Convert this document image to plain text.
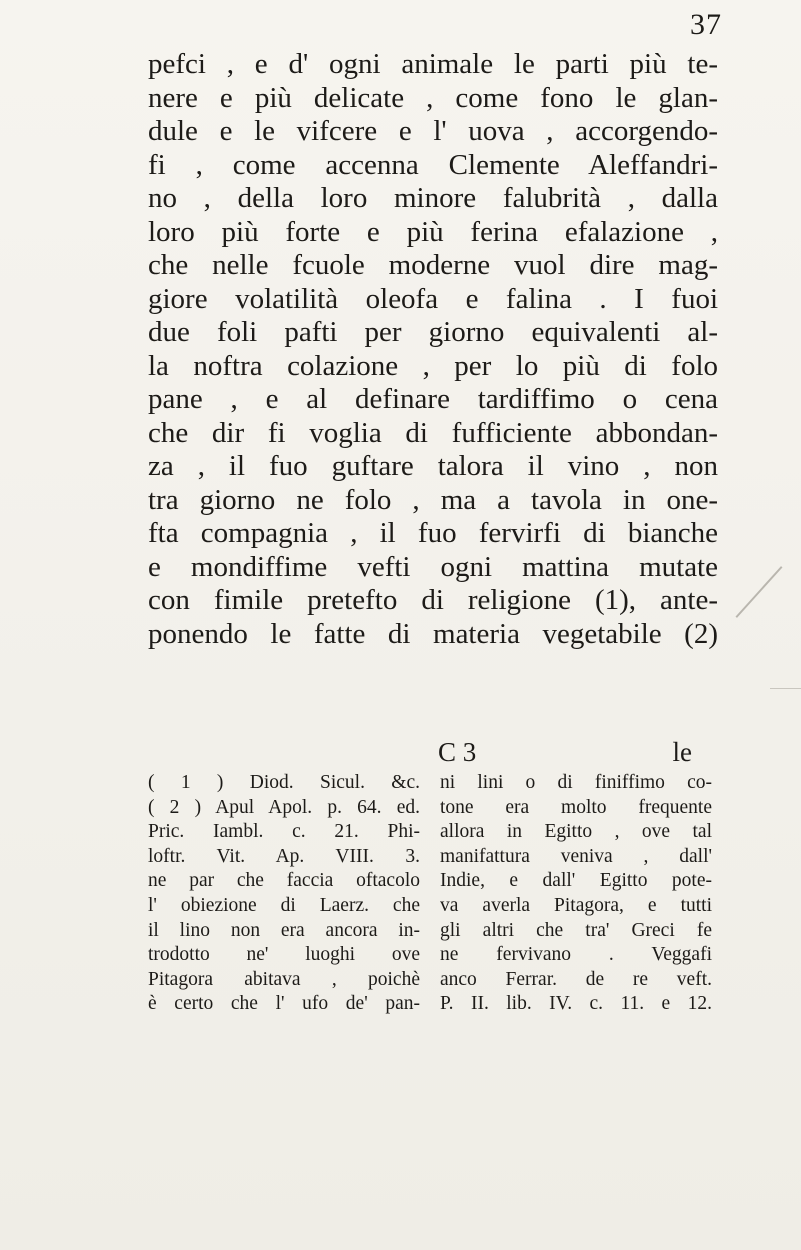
37
pefci , e d' ogni animale le parti più te-
nere e più delicate , come fono le glan-
dule e le vifcere e l' uova , accorgendo-
fi , come accenna Clemente Aleffandri-
no , della loro minore falubrità , dalla
loro più forte e più ferina efalazione ,
che nelle fcuole moderne vuol dire mag-
giore volatilità oleofa e falina . I fuoi
due foli pafti per giorno equivalenti al-
la noftra colazione , per lo più di folo
pane , e al definare tardiffimo o cena
che dir fi voglia di fufficiente abbondan-
za , il fuo guftare talora il vino , non
tra giorno ne folo , ma a tavola in one-
fta compagnia , il fuo fervirfi di bianche
e mondiffime vefti ogni mattina mutate
con fimile pretefto di religione (1), ante-
ponendo le fatte di materia vegetabile (2)
C 3	le
( 1 ) Diod. Sicul. &c.
( 2 ) Apul Apol. p. 64. ed.
Pric. Iambl. c. 21. Phi-
loftr. Vit. Ap. VIII. 3.
ne par che faccia oftacolo
l' obiezione di Laerz. che
il lino non era ancora in-
trodotto ne' luoghi ove
Pitagora abitava , poichè
è certo che l' ufo de' pan-
ni lini o di finiffimo co-
tone era molto frequente
allora in Egitto , ove tal
manifattura veniva , dall'
Indie, e dall' Egitto pote-
va averla Pitagora, e tutti
gli altri che tra' Greci fe
ne fervivano . Veggafi
anco Ferrar. de re veft.
P. II. lib. IV. c. 11. e 12.
